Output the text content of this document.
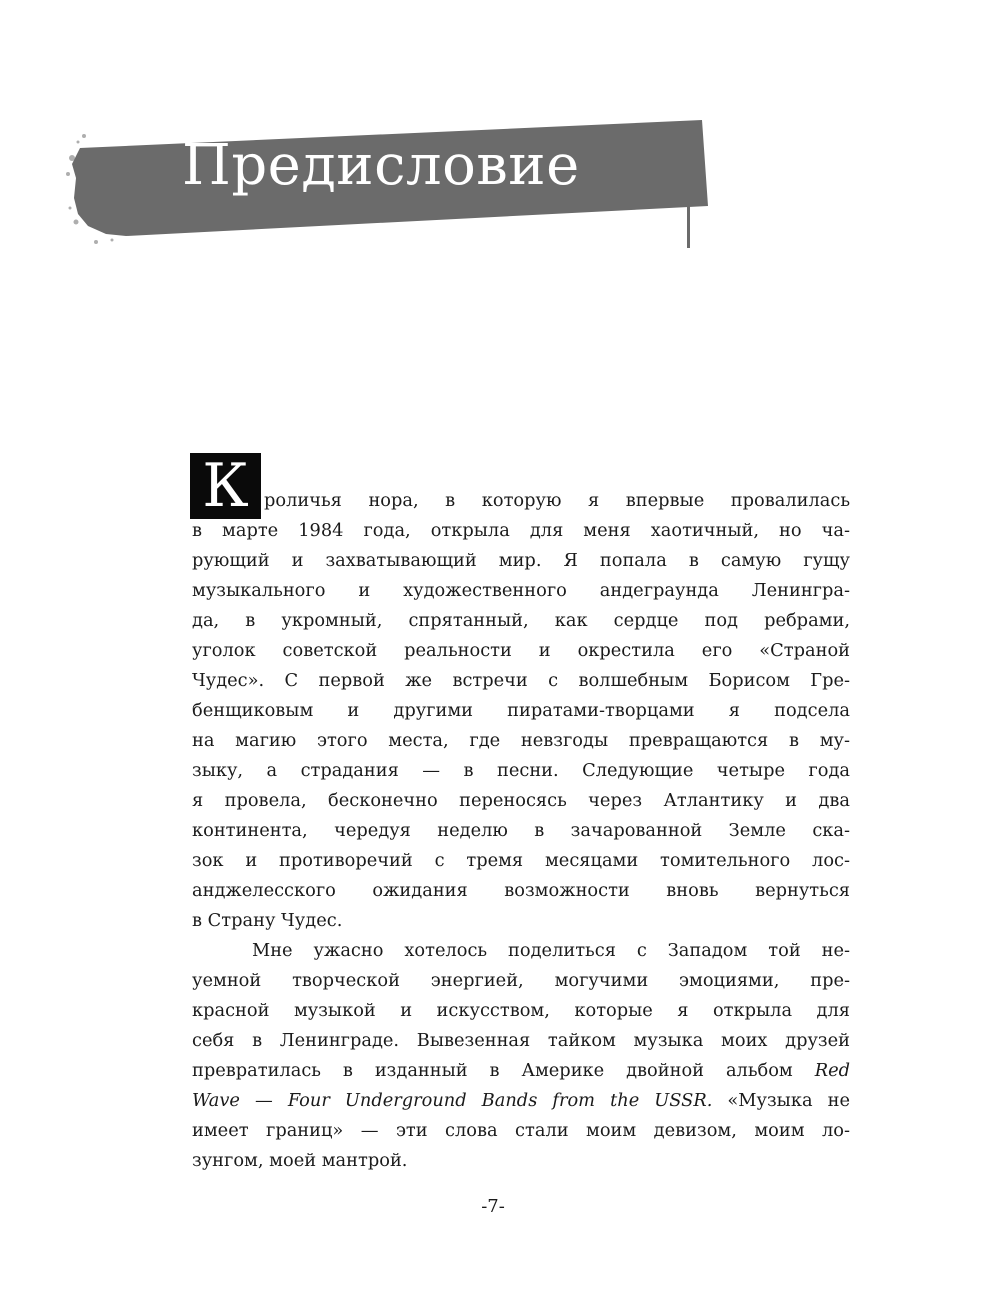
Предисловие
К роличья нора, в которую я впервые провалилась
в марте 1984 года, открыла для меня хаотичный, но ча-
рующий и захватывающий мир. Я попала в самую гущу
музыкального и художественного андеграунда Ленингра-
да, в укромный, спрятанный, как сердце под ребрами,
уголок советской реальности и окрестила его «Страной
Чудес». С первой же встречи с волшебным Борисом Гре-
бенщиковым и другими пиратами-творцами я подсела
на магию этого места, где невзгоды превращаются в му-
зыку, а страдания — в песни. Следующие четыре года
я провела, бесконечно переносясь через Атлантику и два
континента, чередуя неделю в зачарованной Земле ска-
зок и противоречий с тремя месяцами томительного лос-
анджелесского ожидания возможности вновь вернуться
в Страну Чудес.
Мне ужасно хотелось поделиться с Западом той не-
уемной творческой энергией, могучими эмоциями, пре-
красной музыкой и искусством, которые я открыла для
себя в Ленинграде. Вывезенная тайком музыка моих друзей
превратилась в изданный в Америке двойной альбом Red
Wave — Four Underground Bands from the USSR. «Музыка не
имеет границ» — эти слова стали моим девизом, моим ло-
зунгом, моей мантрой.
-7-
